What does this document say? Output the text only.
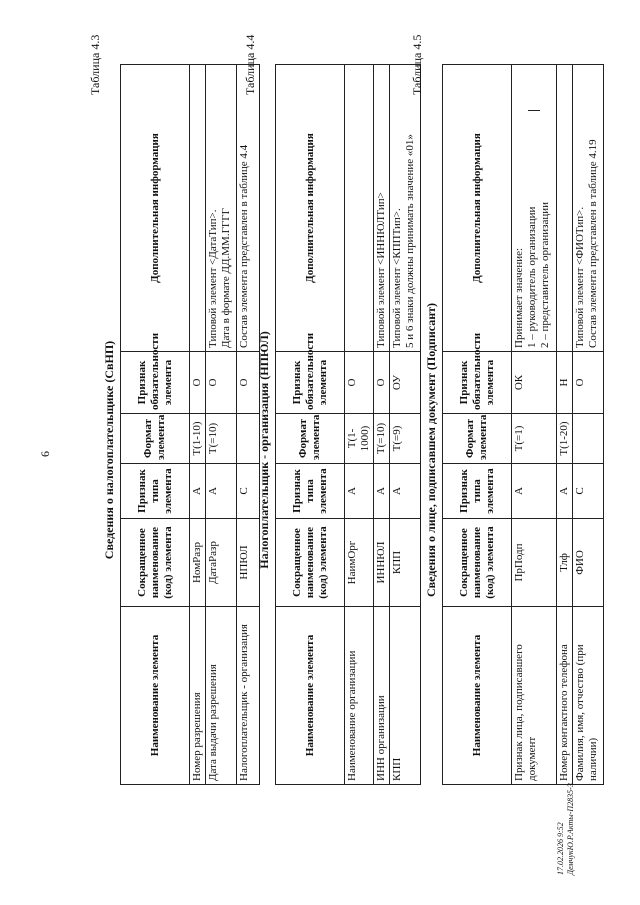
6
Таблица 4.3
Сведения о налогоплательщике (СвНП)
Наименование элемента	Сокращенное наименование (код) элемента	Признак типа элемента	Формат элемента	Признак обязательности элемента	Дополнительная информация
Номер разрешения	НомРазр	А	Т(1-10)	О	
Дата выдачи разрешения	ДатаРазр	А	Т(=10)	О	Типовой элемент <ДатаТип>. Дата в формате ДД.ММ.ГГГГ

Налогоплательщик - организация	НПЮЛ	С		О	Состав элемента представлен в таблице 4.4
Таблица 4.4
Налогоплательщик - организация (НПЮЛ)
Наименование элемента	Сокращенное наименование (код) элемента	Признак типа элемента	Формат элемента	Признак обязательности элемента	Дополнительная информация
Наименование организации	НаимОрг	А	Т(1-1000)	О	
ИНН организации	ИННЮЛ	А	Т(=10)	О	Типовой элемент <ИННЮЛТип>
КПП	КПП	А	Т(=9)	ОУ	Типовой элемент <КППТип>. 5 и 6 знаки должны принимать значение «01»
Таблица 4.5
Сведения о лице, подписавшем документ (Подписант)
Наименование элемента	Сокращенное наименование (код) элемента	Признак типа элемента	Формат элемента	Признак обязательности элемента	Дополнительная информация
Признак лица, подписавшего документ	ПрПодп	А	Т(=1)	ОК	Принимает значение: 1 – руководитель организации 2 – представитель организации

Номер контактного телефона	Тлф	А	Т(1-20)	Н	
Фамилия, имя, отчество (при наличии)	ФИО	С		О	Типовой элемент <ФИОТип>. Состав элемента представлен в таблице 4.19
17.02.2026 9:52 ДемчукЮ.Р.Акты-П2835-3
